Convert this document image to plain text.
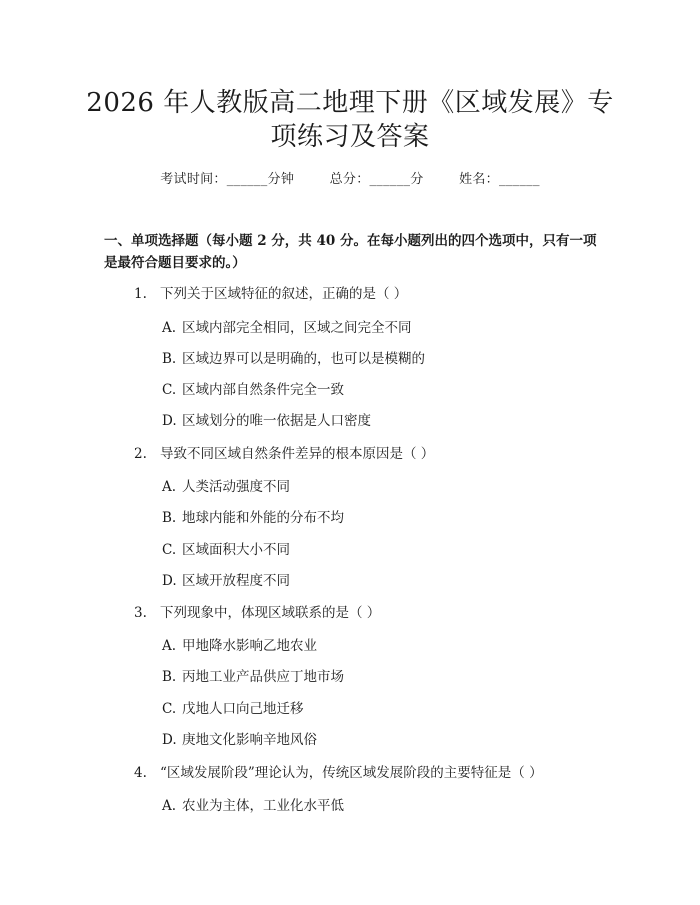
2026 年人教版高二地理下册《区域发展》专
项练习及答案
考试时间：______分钟	总分：______分	姓名：______
一、单项选择题（每小题 2 分，共 40 分。在每小题列出的四个选项中，只有一项
是最符合题目要求的。）
1. 下列关于区域特征的叙述，正确的是（ ）
A. 区域内部完全相同，区域之间完全不同
B. 区域边界可以是明确的，也可以是模糊的
C. 区域内部自然条件完全一致
D. 区域划分的唯一依据是人口密度
2. 导致不同区域自然条件差异的根本原因是（ ）
A. 人类活动强度不同
B. 地球内能和外能的分布不均
C. 区域面积大小不同
D. 区域开放程度不同
3. 下列现象中，体现区域联系的是（ ）
A. 甲地降水影响乙地农业
B. 丙地工业产品供应丁地市场
C. 戊地人口向己地迁移
D. 庚地文化影响辛地风俗
4. “区域发展阶段”理论认为，传统区域发展阶段的主要特征是（ ）
A. 农业为主体，工业化水平低
